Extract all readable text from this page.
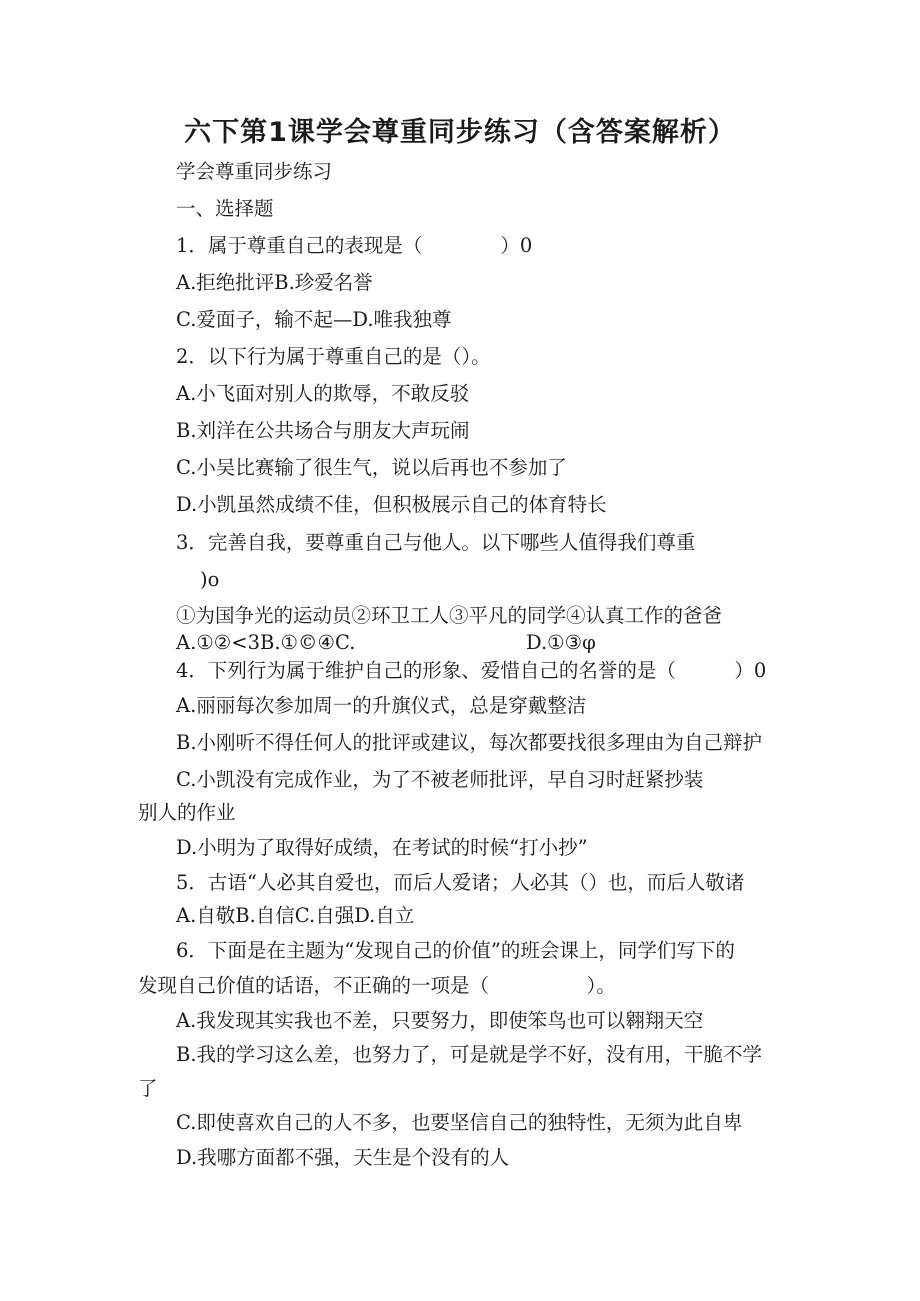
六下第1课学会尊重同步练习（含答案解析）
学会尊重同步练习
一、选择题
1．属于尊重自己的表现是（　　　　）0
A.拒绝批评B.珍爱名誉
C.爱面子，输不起—D.唯我独尊
2．以下行为属于尊重自己的是（）。
A.小飞面对别人的欺辱，不敢反驳
B.刘洋在公共场合与朋友大声玩闹
C.小吴比赛输了很生气，说以后再也不参加了
D.小凯虽然成绩不佳，但积极展示自己的体育特长
3．完善自我，要尊重自己与他人。以下哪些人值得我们尊重
)o
①为国争光的运动员②环卫工人③平凡的同学④认真工作的爸爸
A.①②<3B.①©④C.	D.①③φ
4．下列行为属于维护自己的形象、爱惜自己的名誉的是（　　　）0
A.丽丽每次参加周一的升旗仪式，总是穿戴整洁
B.小刚听不得任何人的批评或建议，每次都要找很多理由为自己辩护
C.小凯没有完成作业，为了不被老师批评，早自习时赶紧抄装
别人的作业
D.小明为了取得好成绩，在考试的时候“打小抄”
5．古语“人必其自爱也，而后人爱诸；人必其（）也，而后人敬诸
A.自敬B.自信C.自强D.自立
6．下面是在主题为“发现自己的价值”的班会课上，同学们写下的
发现自己价值的话语，不正确的一项是（　　　　　）。
A.我发现其实我也不差，只要努力，即使笨鸟也可以翱翔天空
B.我的学习这么差，也努力了，可是就是学不好，没有用，干脆不学
了
C.即使喜欢自己的人不多，也要坚信自己的独特性，无须为此自卑
D.我哪方面都不强，天生是个没有的人
